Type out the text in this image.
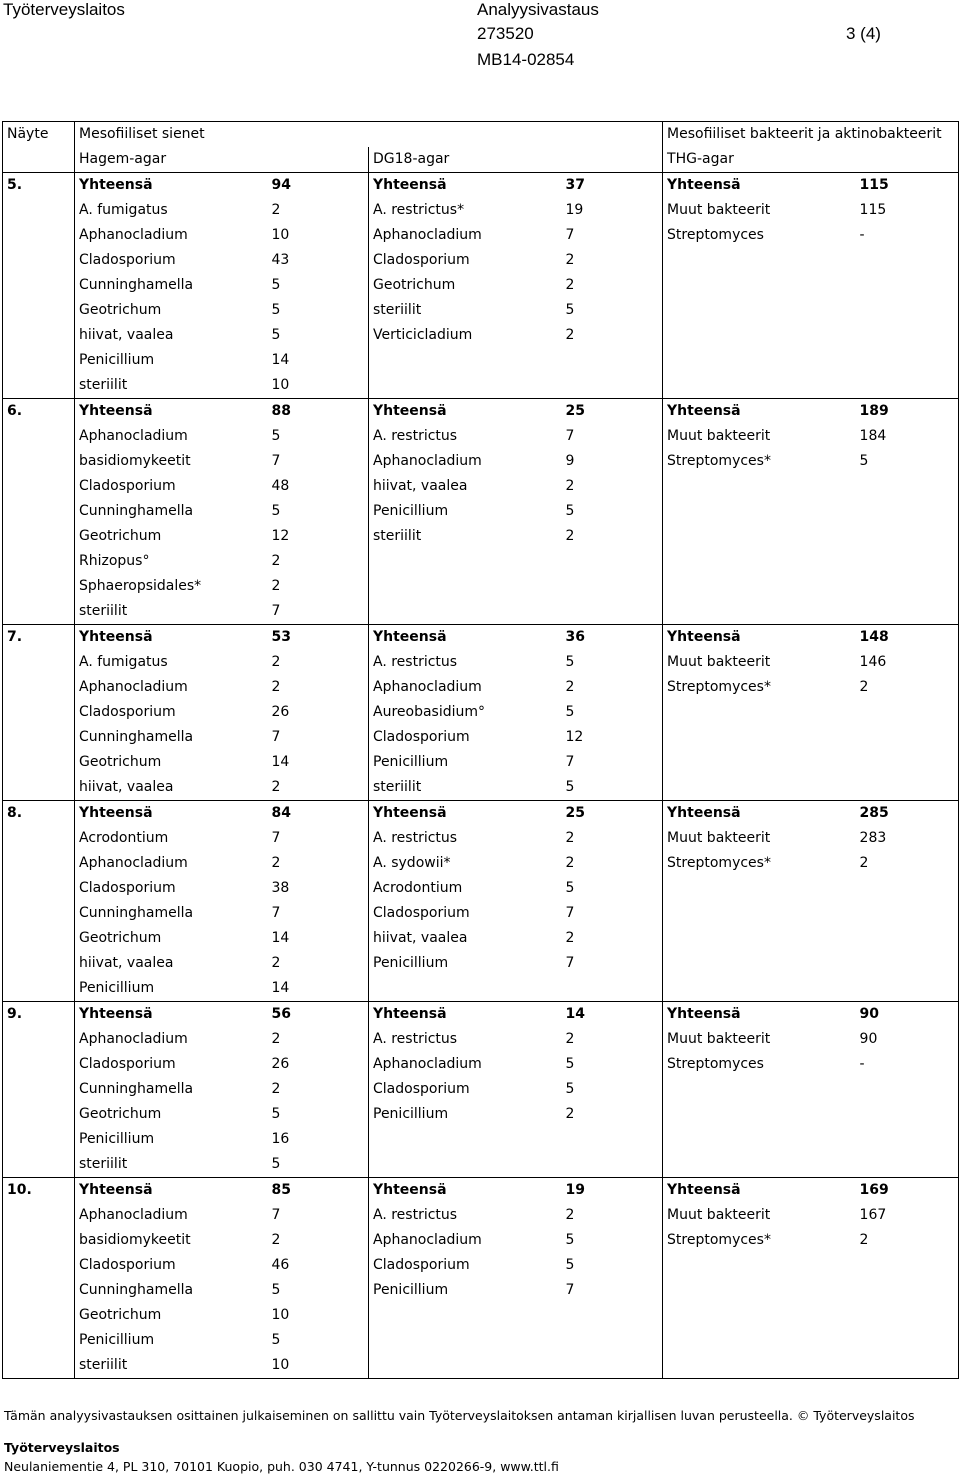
Työterveyslaitos	Analyysivastaus
273520	3 (4)
MB14-02854
Näyte	Mesofiiliset sienet				Mesofiiliset bakteerit ja aktinobakteerit	
	Hagem-agar		DG18-agar		THG-agar	
5.	Yhteensä	94	Yhteensä	37	Yhteensä	115
	A. fumigatus	2	A. restrictus*	19	Muut bakteerit	115
	Aphanocladium	10	Aphanocladium	7	Streptomyces	-
	Cladosporium	43	Cladosporium	2		
	Cunninghamella	5	Geotrichum	2		
	Geotrichum	5	steriilit	5		
	hiivat, vaalea	5	Verticicladium	2		
	Penicillium	14				
	steriilit	10				
6.	Yhteensä	88	Yhteensä	25	Yhteensä	189
	Aphanocladium	5	A. restrictus	7	Muut bakteerit	184
	basidiomykeetit	7	Aphanocladium	9	Streptomyces*	5
	Cladosporium	48	hiivat, vaalea	2		
	Cunninghamella	5	Penicillium	5		
	Geotrichum	12	steriilit	2		
	Rhizopus°	2				
	Sphaeropsidales*	2				
	steriilit	7				
7.	Yhteensä	53	Yhteensä	36	Yhteensä	148
	A. fumigatus	2	A. restrictus	5	Muut bakteerit	146
	Aphanocladium	2	Aphanocladium	2	Streptomyces*	2
	Cladosporium	26	Aureobasidium°	5		
	Cunninghamella	7	Cladosporium	12		
	Geotrichum	14	Penicillium	7		
	hiivat, vaalea	2	steriilit	5		
8.	Yhteensä	84	Yhteensä	25	Yhteensä	285
	Acrodontium	7	A. restrictus	2	Muut bakteerit	283
	Aphanocladium	2	A. sydowii*	2	Streptomyces*	2
	Cladosporium	38	Acrodontium	5		
	Cunninghamella	7	Cladosporium	7		
	Geotrichum	14	hiivat, vaalea	2		
	hiivat, vaalea	2	Penicillium	7		
	Penicillium	14				
9.	Yhteensä	56	Yhteensä	14	Yhteensä	90
	Aphanocladium	2	A. restrictus	2	Muut bakteerit	90
	Cladosporium	26	Aphanocladium	5	Streptomyces	-
	Cunninghamella	2	Cladosporium	5		
	Geotrichum	5	Penicillium	2		
	Penicillium	16				
	steriilit	5				
10.	Yhteensä	85	Yhteensä	19	Yhteensä	169
	Aphanocladium	7	A. restrictus	2	Muut bakteerit	167
	basidiomykeetit	2	Aphanocladium	5	Streptomyces*	2
	Cladosporium	46	Cladosporium	5		
	Cunninghamella	5	Penicillium	7		
	Geotrichum	10				
	Penicillium	5				
	steriilit	10				
Tämän analyysivastauksen osittainen julkaiseminen on sallittu vain Työterveyslaitoksen antaman kirjallisen luvan perusteella. © Työterveyslaitos
Työterveyslaitos
Neulaniementie 4, PL 310, 70101 Kuopio, puh. 030 4741, Y-tunnus 0220266-9, www.ttl.fi
